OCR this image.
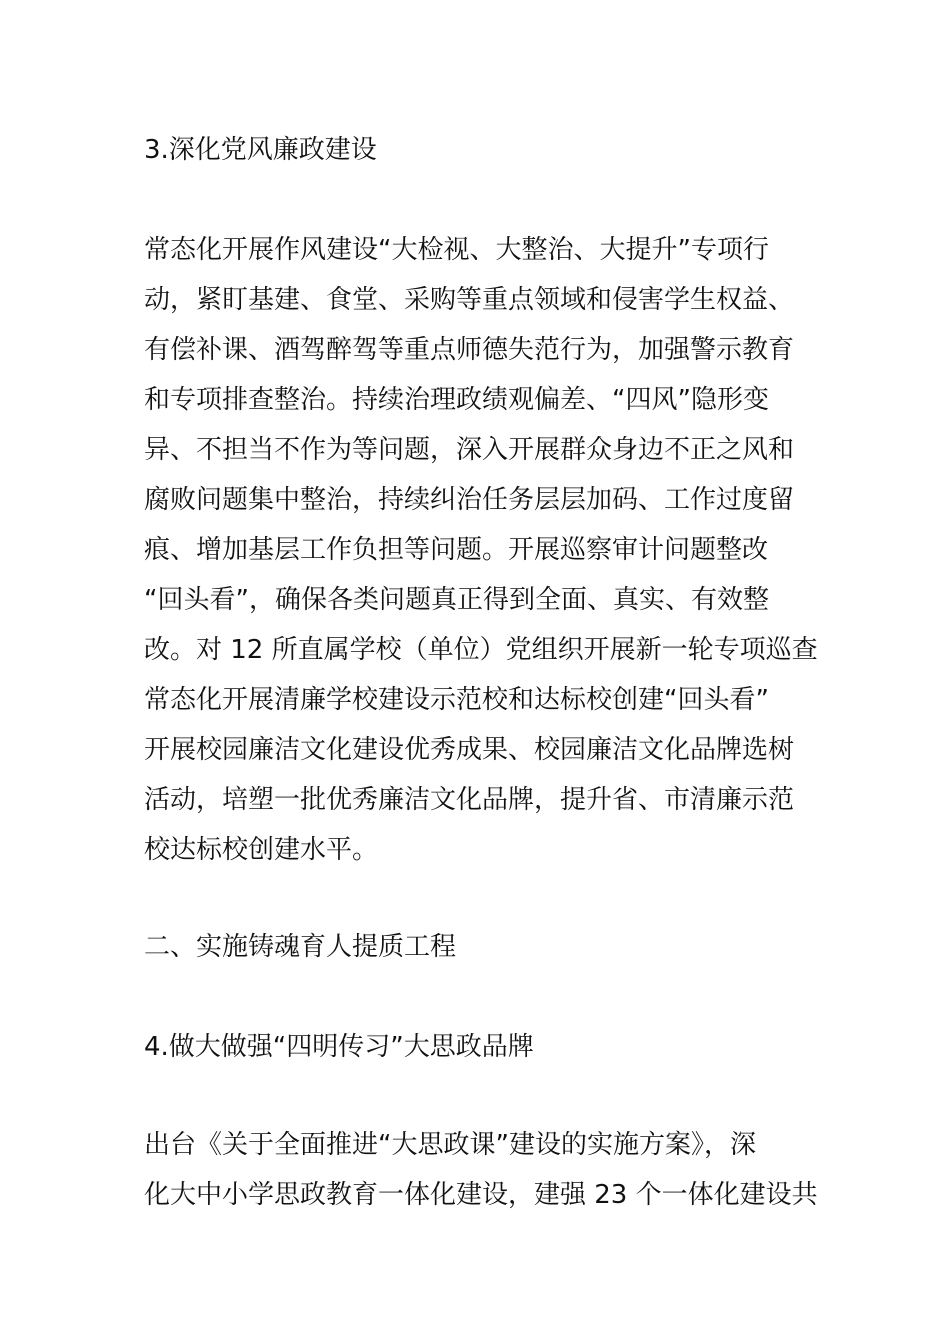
3.深化党风廉政建设
常态化开展作风建设“大检视、大整治、大提升”专项行
动，紧盯基建、食堂、采购等重点领域和侵害学生权益、
有偿补课、酒驾醉驾等重点师德失范行为，加强警示教育
和专项排查整治。持续治理政绩观偏差、“四风”隐形变
异、不担当不作为等问题，深入开展群众身边不正之风和
腐败问题集中整治，持续纠治任务层层加码、工作过度留
痕、增加基层工作负担等问题。开展巡察审计问题整改
“回头看”，确保各类问题真正得到全面、真实、有效整
改。对 12 所直属学校（单位）党组织开展新一轮专项巡查
常态化开展清廉学校建设示范校和达标校创建“回头看”
开展校园廉洁文化建设优秀成果、校园廉洁文化品牌选树
活动，培塑一批优秀廉洁文化品牌，提升省、市清廉示范
校达标校创建水平。
二、实施铸魂育人提质工程
4.做大做强“四明传习”大思政品牌
出台《关于全面推进“大思政课”建设的实施方案》，深
化大中小学思政教育一体化建设，建强 23 个一体化建设共
